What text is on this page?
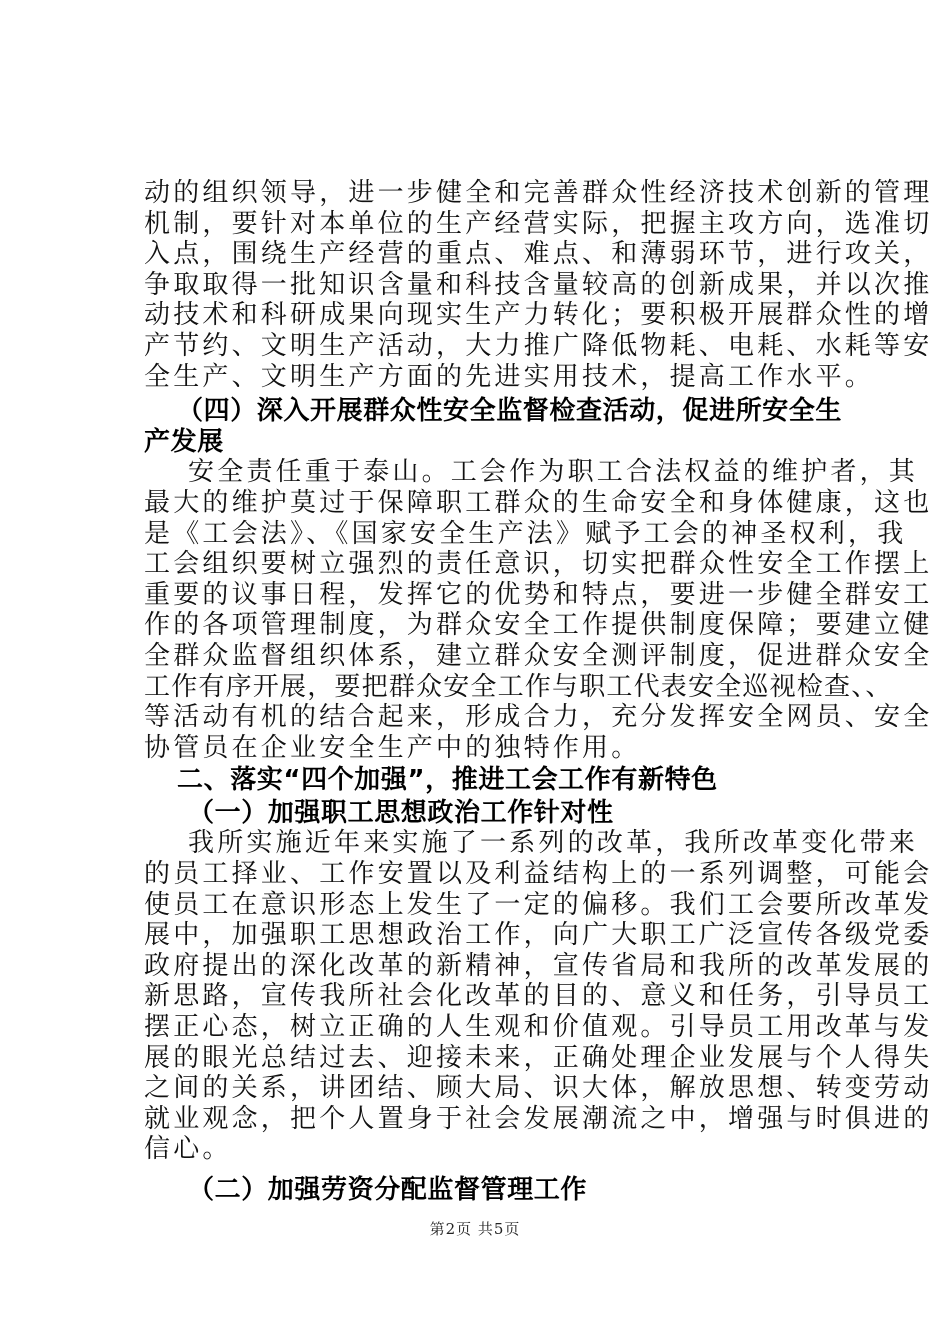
动的组织领导，进一步健全和完善群众性经济技术创新的管理
机制，要针对本单位的生产经营实际，把握主攻方向，选准切
入点，围绕生产经营的重点、难点、和薄弱环节，进行攻关，
争取取得一批知识含量和科技含量较高的创新成果，并以次推
动技术和科研成果向现实生产力转化；要积极开展群众性的增
产节约、文明生产活动，大力推广降低物耗、电耗、水耗等安
全生产、文明生产方面的先进实用技术，提高工作水平。
（四）深入开展群众性安全监督检查活动，促进所安全生
产发展
安全责任重于泰山。工会作为职工合法权益的维护者，其
最大的维护莫过于保障职工群众的生命安全和身体健康，这也
是《工会法》、《国家安全生产法》赋予工会的神圣权利，我
工会组织要树立强烈的责任意识，切实把群众性安全工作摆上
重要的议事日程，发挥它的优势和特点，要进一步健全群安工
作的各项管理制度，为群众安全工作提供制度保障；要建立健
全群众监督组织体系，建立群众安全测评制度，促进群众安全
工作有序开展，要把群众安全工作与职工代表安全巡视检查、、
等活动有机的结合起来，形成合力，充分发挥安全网员、安全
协管员在企业安全生产中的独特作用。
二、落实“四个加强”，推进工会工作有新特色
（一）加强职工思想政治工作针对性
我所实施近年来实施了一系列的改革，我所改革变化带来
的员工择业、工作安置以及利益结构上的一系列调整，可能会
使员工在意识形态上发生了一定的偏移。我们工会要所改革发
展中，加强职工思想政治工作，向广大职工广泛宣传各级党委
政府提出的深化改革的新精神，宣传省局和我所的改革发展的
新思路，宣传我所社会化改革的目的、意义和任务，引导员工
摆正心态，树立正确的人生观和价值观。引导员工用改革与发
展的眼光总结过去、迎接未来，正确处理企业发展与个人得失
之间的关系，讲团结、顾大局、识大体，解放思想、转变劳动
就业观念，把个人置身于社会发展潮流之中，增强与时俱进的
信心。
（二）加强劳资分配监督管理工作
第2页 共5页
